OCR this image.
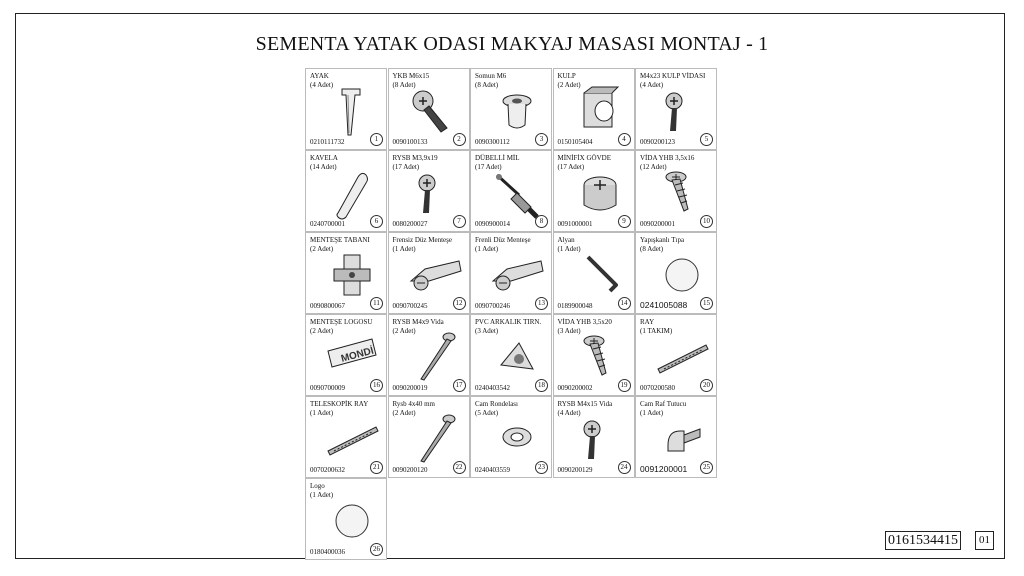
SEMENTA YATAK ODASI MAKYAJ MASASI MONTAJ - 1
AYAK
(4 Adet)
0210111732	1
YKB M6x15
(8 Adet)
0090100133	2
Somun M6
(8 Adet)
0090300112	3
KULP
(2 Adet)
0150105404	4
M4x23 KULP VİDASI
(4 Adet)
0090200123	5
KAVELA
(14 Adet)
0240700001	6
RYSB M3,9x19
(17 Adet)
0080200027	7
DÜBELLİ MİL
(17 Adet)
0090900014	8
MİNİFİX GÖVDE
(17 Adet)
0091000001	9
VİDA YHB 3,5x16
(12 Adet)
0090200001	10
MENTEŞE TABANI
(2 Adet)
0090800067	11
Frensiz Düz Menteşe
(1 Adet)
0090700245	12
Frenli Düz Menteşe
(1 Adet)
0090700246	13
Alyan
(1 Adet)
0189900048	14
Yapışkanlı Tıpa
(8 Adet)
0241005088	15
MENTEŞE LOGOSU
(2 Adet)
MONDİ
0090700009	16
RYSB M4x9 Vida
(2 Adet)
0090200019	17
PVC ARKALIK TIRN.
(3 Adet)
0240403542	18
VİDA YHB 3,5x20
(3 Adet)
0090200002	19
RAY
(1 TAKIM)
0070200580	20
TELESKOPİK RAY
(1 Adet)
0070200632	21
Rysb 4x40 mm
(2 Adet)
0090200120	22
Cam Rondelası
(5 Adet)
0240403559	23
RYSB M4x15 Vida
(4 Adet)
0090200129	24
Cam Raf Tutucu
(1 Adet)
0091200001	25
Logo
(1 Adet)
0180400036	26
0161534415	01
